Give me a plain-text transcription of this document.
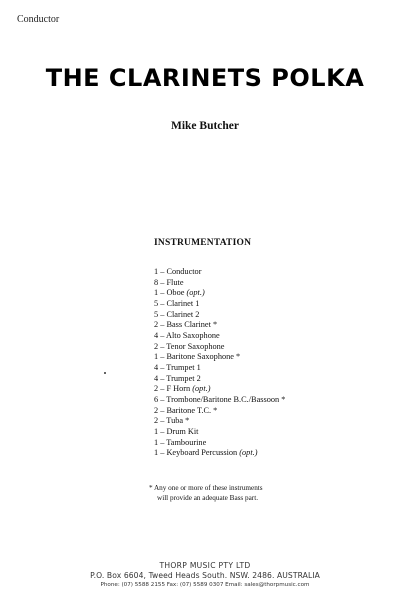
Conductor
THE CLARINETS POLKA
Mike Butcher
INSTRUMENTATION
1 – Conductor
8 – Flute
1 – Oboe (opt.)
5 – Clarinet 1
5 – Clarinet 2
2 – Bass Clarinet *
4 – Alto Saxophone
2 – Tenor Saxophone
1 – Baritone Saxophone *
4 – Trumpet 1
4 – Trumpet 2
2 – F Horn (opt.)
6 – Trombone/Baritone B.C./Bassoon *
2 – Baritone T.C. *
2 – Tuba *
1 – Drum Kit
1 – Tambourine
1 – Keyboard Percussion (opt.)
* Any one or more of these instruments
will provide an adequate Bass part.
THORP MUSIC PTY LTD
P.O. Box 6604, Tweed Heads South. NSW. 2486. AUSTRALIA
Phone: (07) 5588 2155 Fax: (07) 5589 0307 Email: sales@thorpmusic.com
